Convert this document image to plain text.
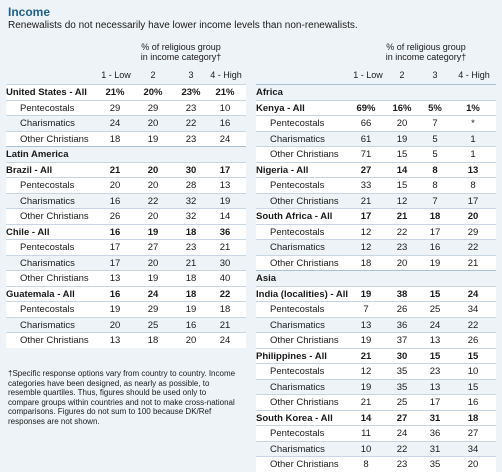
Income
Renewalists do not necessarily have lower income levels than non-renewalists.
% of religious group
in income category†
1 - Low	2	3	4 - High
United States - All	21%	20%	23%	21%
Pentecostals	29	29	23	10
Charismatics	24	20	22	16
Other Christians	18	19	23	24
Latin America
Brazil - All	21	20	30	17
Pentecostals	20	20	28	13
Charismatics	16	22	32	19
Other Christians	26	20	32	14
Chile - All	16	19	18	36
Pentecostals	17	27	23	21
Charismatics	17	20	21	30
Other Christians	13	19	18	40
Guatemala - All	16	24	18	22
Pentecostals	19	29	19	18
Charismatics	20	25	16	21
Other Christians	13	18	20	24
% of religious group
in income category†
1 - Low	2	3	4 - High
Africa
Kenya - All	69%	16%	5%	1%
Pentecostals	66	20	7	*
Charismatics	61	19	5	1
Other Christians	71	15	5	1
Nigeria - All	27	14	8	13
Pentecostals	33	15	8	8
Other Christians	21	12	7	17
South Africa - All	17	21	18	20
Pentecostals	12	22	17	29
Charismatics	12	23	16	22
Other Christians	18	20	19	21
Asia
India (localities) - All	19	38	15	24
Pentecostals	7	26	25	34
Charismatics	13	36	24	22
Other Christians	19	37	13	26
Philippines - All	21	30	15	15
Pentecostals	12	35	23	10
Charismatics	19	35	13	15
Other Christians	21	25	17	16
South Korea - All	14	27	31	18
Pentecostals	11	24	36	27
Charismatics	10	22	31	34
Other Christians	8	23	35	20
†Specific response options vary from country to country. Income categories have been designed, as nearly as possible, to resemble quartiles. Thus, figures should be used only to compare groups within countries and not to make cross-national comparisons. Figures do not sum to 100 because DK/Ref responses are not shown.
